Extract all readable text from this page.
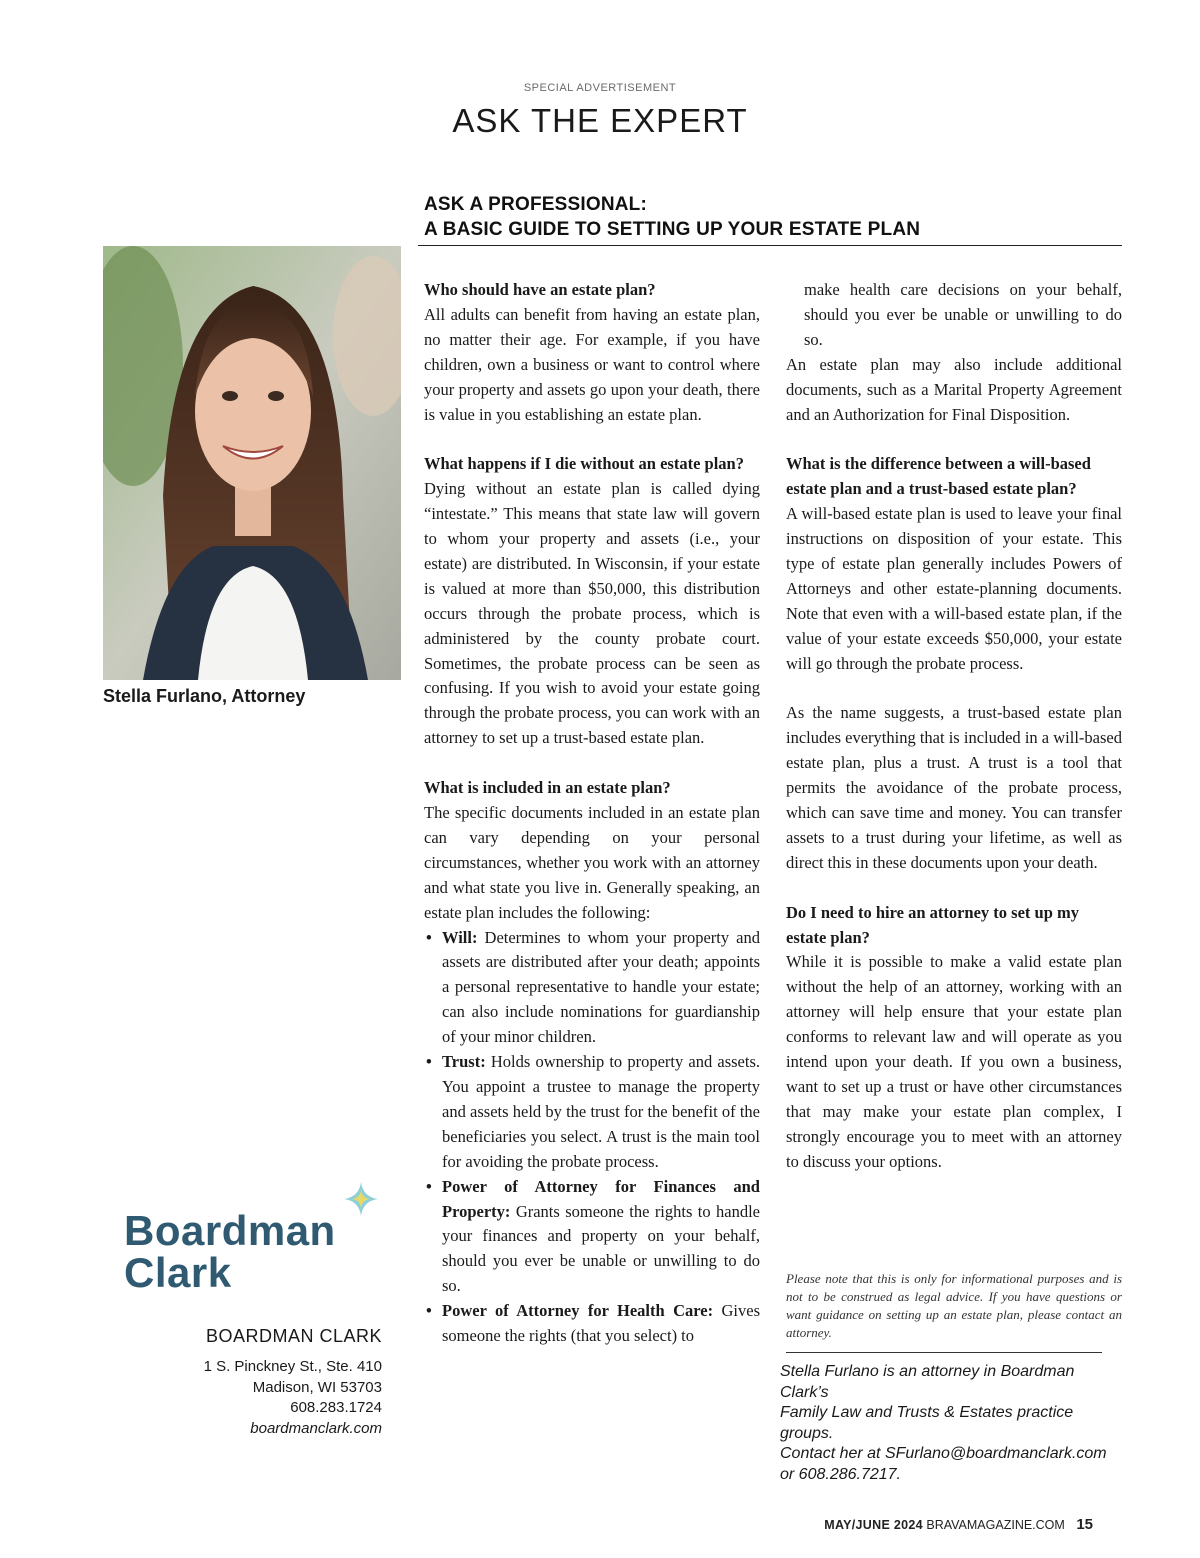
SPECIAL ADVERTISEMENT
ASK THE EXPERT
ASK A PROFESSIONAL:
A BASIC GUIDE TO SETTING UP YOUR ESTATE PLAN
Stella Furlano, Attorney

Who should have an estate plan?

All adults can benefit from having an estate plan, no matter their age. For example, if you have children, own a business or want to control where your property and assets go upon your death, there is value in you establishing an estate plan.

What happens if I die without an estate plan?

Dying without an estate plan is called dying “intestate.” This means that state law will govern to whom your property and assets (i.e., your estate) are distributed. In Wisconsin, if your estate is valued at more than $50,000, this distribution occurs through the probate process, which is administered by the county probate court. Sometimes, the probate process can be seen as confusing. If you wish to avoid your estate going through the probate process, you can work with an attorney to set up a trust-based estate plan.

What is included in an estate plan?

The specific documents included in an estate plan can vary depending on your personal circumstances, whether you work with an attorney and what state you live in. Generally speaking, an estate plan includes the following:

• Will: Determines to whom your property and assets are distributed after your death; appoints a personal representative to handle your estate; can also include nominations for guardianship of your minor children.
• Trust: Holds ownership to property and assets. You appoint a trustee to manage the property and assets held by the trust for the benefit of the beneficiaries you select. A trust is the main tool for avoiding the probate process.
• Power of Attorney for Finances and Property: Grants someone the rights to handle your finances and property on your behalf, should you ever be unable or unwilling to do so.
• Power of Attorney for Health Care: Gives someone the rights (that you select) to

make health care decisions on your behalf, should you ever be unable or unwilling to do so.

An estate plan may also include additional documents, such as a Marital Property Agreement and an Authorization for Final Disposition.

What is the difference between a will-based estate plan and a trust-based estate plan?

A will-based estate plan is used to leave your final instructions on disposition of your estate. This type of estate plan generally includes Powers of Attorneys and other estate-planning documents. Note that even with a will-based estate plan, if the value of your estate exceeds $50,000, your estate will go through the probate process.

As the name suggests, a trust-based estate plan includes everything that is included in a will-based estate plan, plus a trust. A trust is a tool that permits the avoidance of the probate process, which can save time and money. You can transfer assets to a trust during your lifetime, as well as direct this in these documents upon your death.

Do I need to hire an attorney to set up my estate plan?

While it is possible to make a valid estate plan without the help of an attorney, working with an attorney will help ensure that your estate plan conforms to relevant law and will operate as you intend upon your death. If you own a business, want to set up a trust or have other circumstances that may make your estate plan complex, I strongly encourage you to meet with an attorney to discuss your options.

Please note that this is only for informational purposes and is not to be construed as legal advice. If you have questions or want guidance on setting up an estate plan, please contact an attorney.
Stella Furlano is an attorney in Boardman Clark’s
Family Law and Trusts & Estates practice groups.
Contact her at SFurlano@boardmanclark.com
or 608.286.7217.
Boardman
Clark
BOARDMAN CLARK
1 S. Pinckney St., Ste. 410
Madison, WI 53703
608.283.1724
boardmanclark.com
MAY/JUNE 2024 BRAVAMAGAZINE.COM 15
